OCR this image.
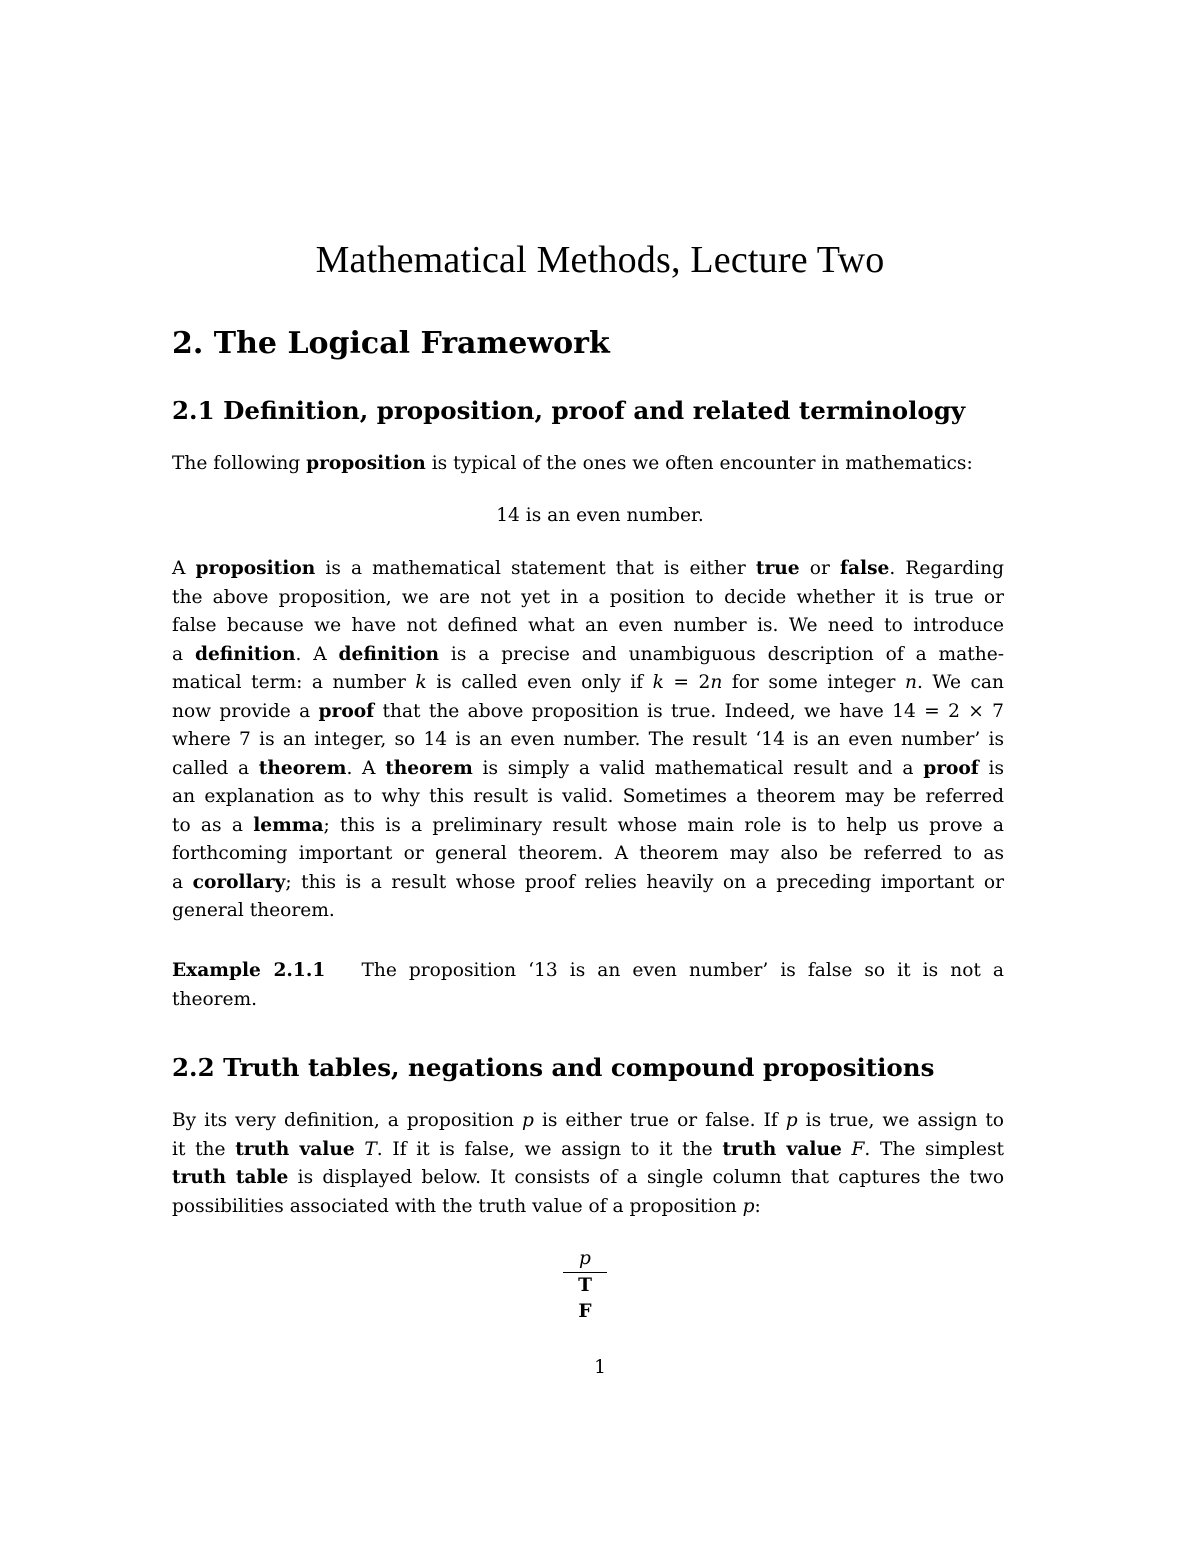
Mathematical Methods, Lecture Two
2. The Logical Framework
2.1 Definition, proposition, proof and related terminology
The following proposition is typical of the ones we often encounter in mathematics:
14 is an even number.
A proposition is a mathematical statement that is either true or false. Regarding
the above proposition, we are not yet in a position to decide whether it is true or
false because we have not defined what an even number is. We need to introduce
a definition. A definition is a precise and unambiguous description of a mathe-
matical term: a number k is called even only if k = 2n for some integer n. We can
now provide a proof that the above proposition is true. Indeed, we have 14 = 2 × 7
where 7 is an integer, so 14 is an even number. The result ‘14 is an even number’ is
called a theorem. A theorem is simply a valid mathematical result and a proof is
an explanation as to why this result is valid. Sometimes a theorem may be referred
to as a lemma; this is a preliminary result whose main role is to help us prove a
forthcoming important or general theorem. A theorem may also be referred to as
a corollary; this is a result whose proof relies heavily on a preceding important or
general theorem.
Example 2.1.1 The proposition ‘13 is an even number’ is false so it is not a
theorem.
2.2 Truth tables, negations and compound propositions
By its very definition, a proposition p is either true or false. If p is true, we assign to
it the truth value T. If it is false, we assign to it the truth value F. The simplest
truth table is displayed below. It consists of a single column that captures the two
possibilities associated with the truth value of a proposition p:
p
T
F
1
